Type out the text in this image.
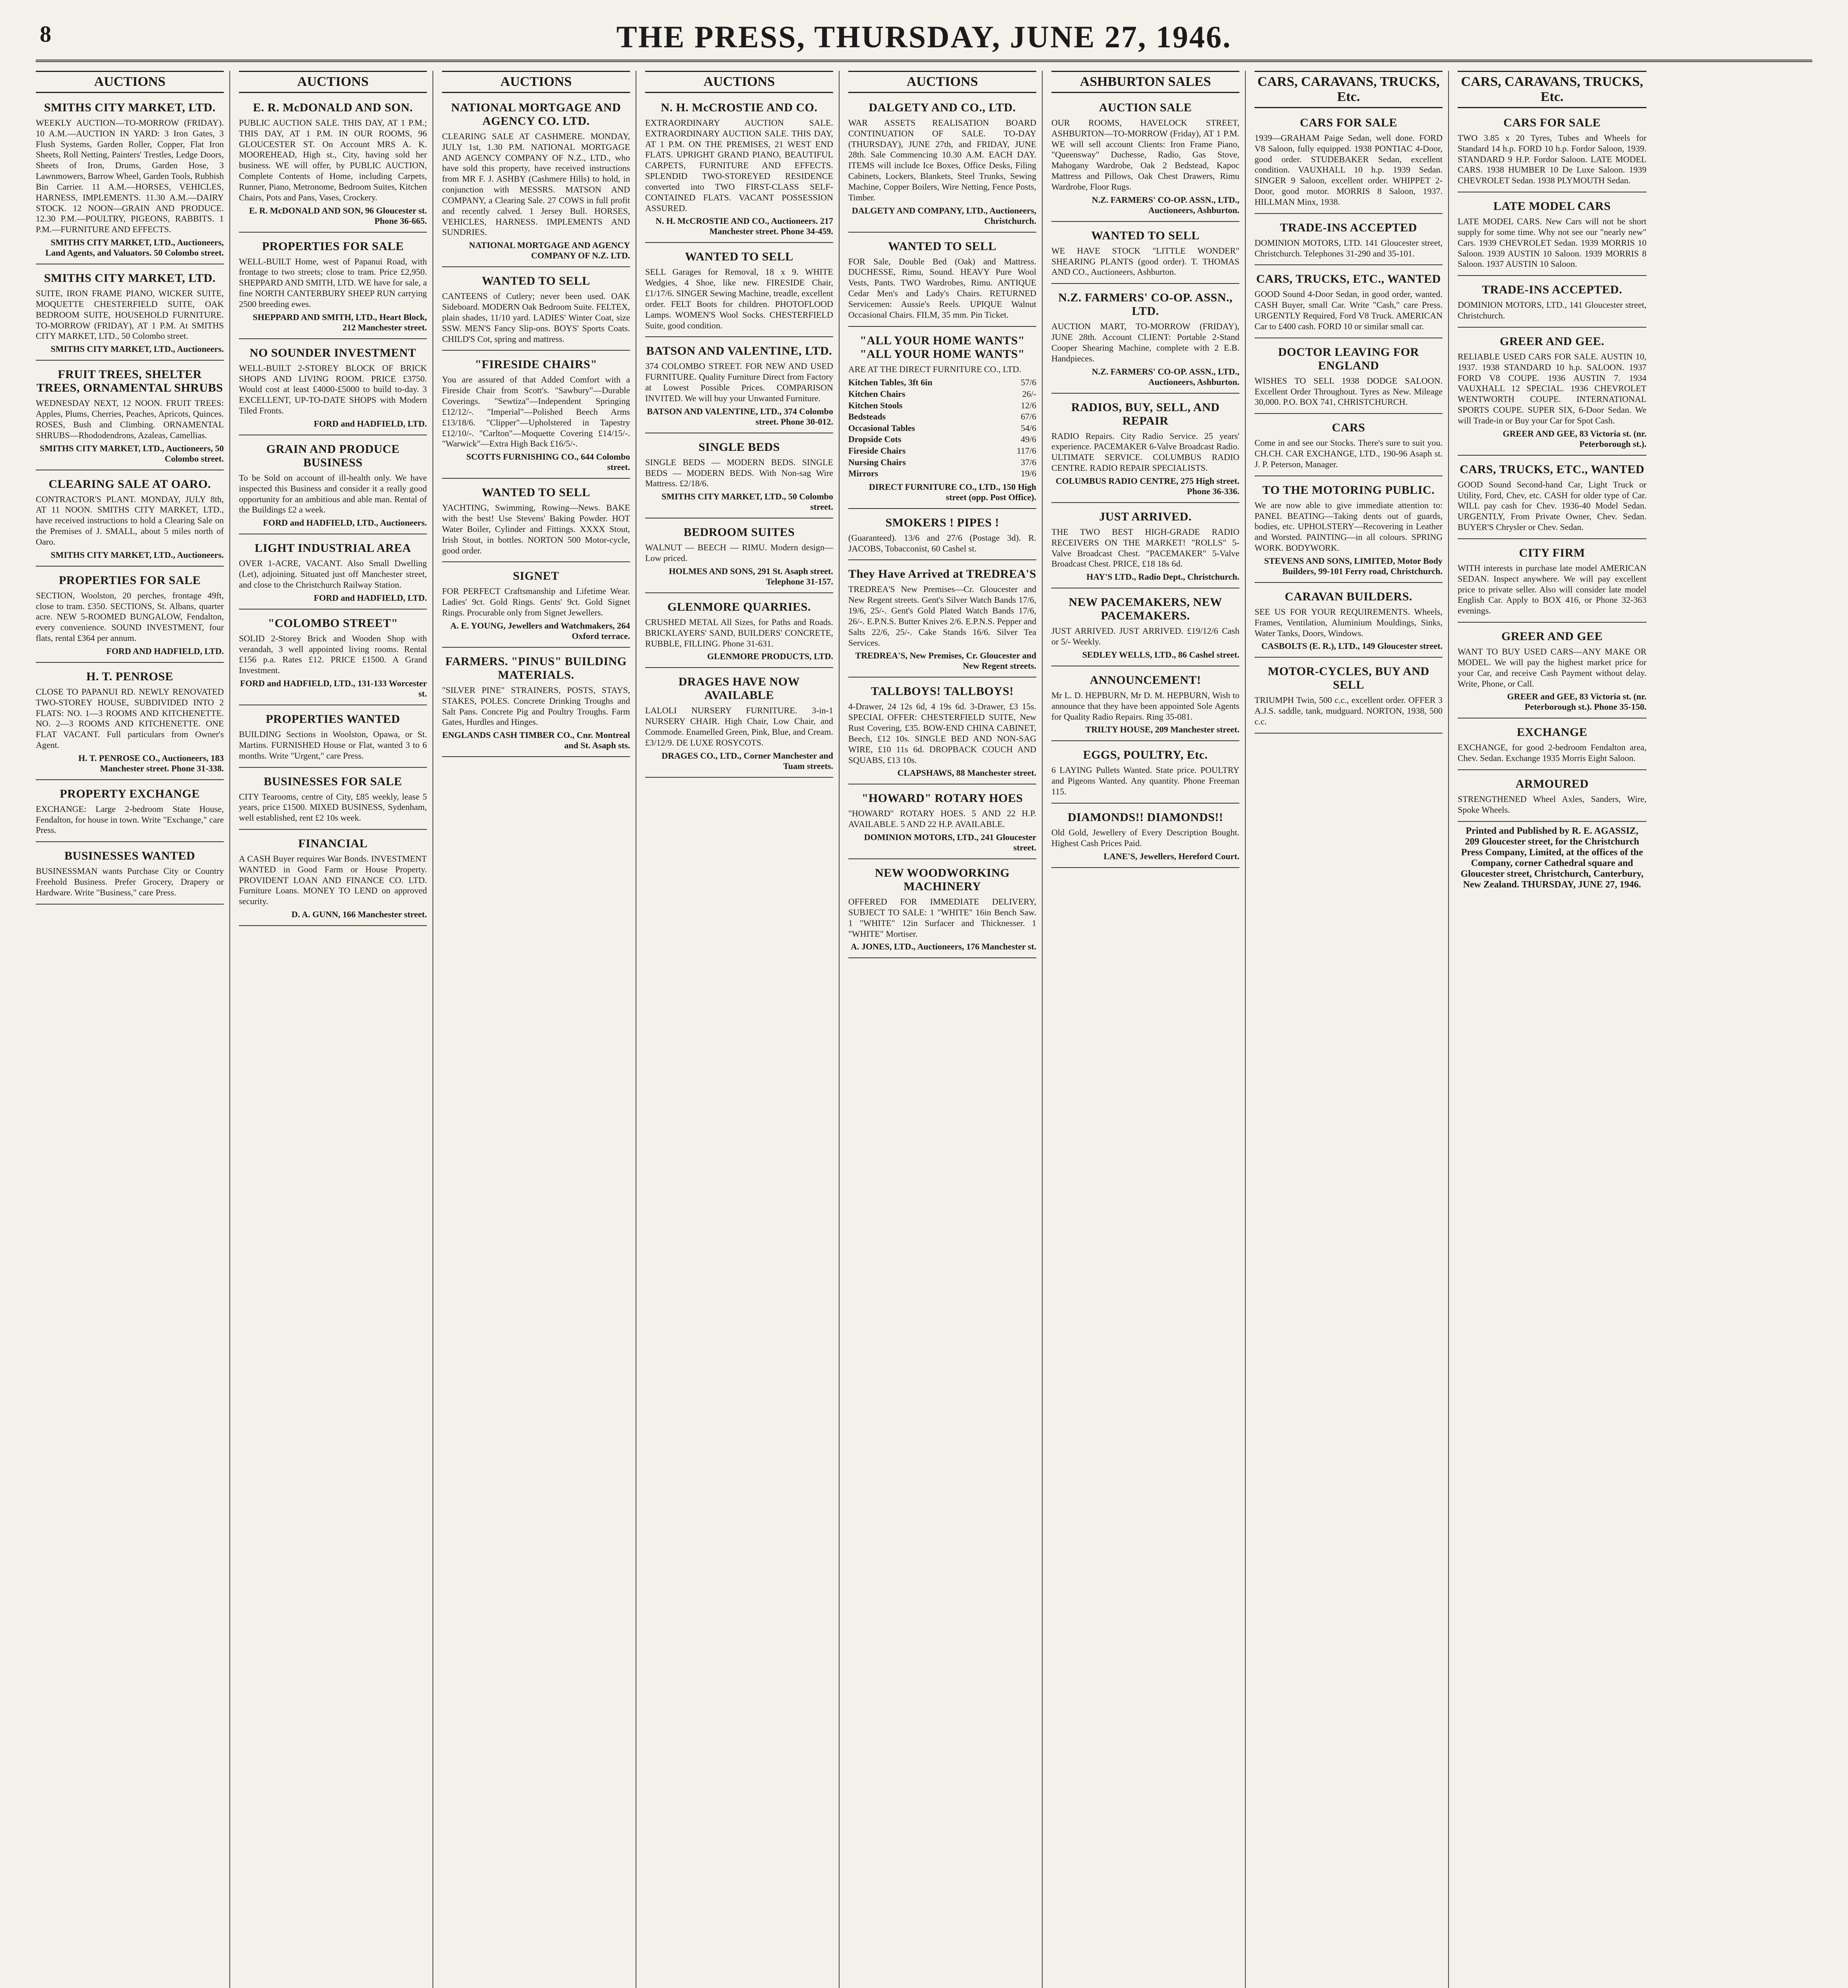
8	THE PRESS, THURSDAY, JUNE 27, 1946.
AUCTIONS
SMITHS CITY MARKET, LTD.
WEEKLY AUCTION—TO-MORROW (FRIDAY). 10 A.M.—AUCTION IN YARD: 3 Iron Gates, 3 Flush Systems, Garden Roller, Copper, Flat Iron Sheets, Roll Netting, Painters' Trestles, Ledge Doors, Sheets of Iron, Drums, Garden Hose, 3 Lawnmowers, Barrow Wheel, Garden Tools, Rubbish Bin Carrier. 11 A.M.—HORSES, VEHICLES, HARNESS, IMPLEMENTS. 11.30 A.M.—DAIRY STOCK. 12 NOON—GRAIN AND PRODUCE. 12.30 P.M.—POULTRY, PIGEONS, RABBITS. 1 P.M.—FURNITURE AND EFFECTS.
SMITHS CITY MARKET, LTD., Auctioneers, Land Agents, and Valuators. 50 Colombo street.
SMITHS CITY MARKET, LTD.
SUITE, IRON FRAME PIANO, WICKER SUITE, MOQUETTE CHESTERFIELD SUITE, OAK BEDROOM SUITE, HOUSEHOLD FURNITURE. TO-MORROW (FRIDAY), AT 1 P.M. At SMITHS CITY MARKET, LTD., 50 Colombo street.
SMITHS CITY MARKET, LTD., Auctioneers.
FRUIT TREES, SHELTER TREES, ORNAMENTAL SHRUBS
WEDNESDAY NEXT, 12 NOON. FRUIT TREES: Apples, Plums, Cherries, Peaches, Apricots, Quinces. ROSES, Bush and Climbing. ORNAMENTAL SHRUBS—Rhododendrons, Azaleas, Camellias.
SMITHS CITY MARKET, LTD., Auctioneers, 50 Colombo street.
CLEARING SALE AT OARO.
CONTRACTOR'S PLANT. MONDAY, JULY 8th, AT 11 NOON. SMITHS CITY MARKET, LTD., have received instructions to hold a Clearing Sale on the Premises of J. SMALL, about 5 miles north of Oaro.
SMITHS CITY MARKET, LTD., Auctioneers.
PROPERTIES FOR SALE
SECTION, Woolston, 20 perches, frontage 49ft, close to tram. £350. SECTIONS, St. Albans, quarter acre. NEW 5-ROOMED BUNGALOW, Fendalton, every convenience. SOUND INVESTMENT, four flats, rental £364 per annum.
FORD AND HADFIELD, LTD.
H. T. PENROSE
CLOSE TO PAPANUI RD. NEWLY RENOVATED TWO-STOREY HOUSE, SUBDIVIDED INTO 2 FLATS: NO. 1—3 ROOMS AND KITCHENETTE. NO. 2—3 ROOMS AND KITCHENETTE. ONE FLAT VACANT. Full particulars from Owner's Agent.
H. T. PENROSE CO., Auctioneers, 183 Manchester street. Phone 31-338.
PROPERTY EXCHANGE
EXCHANGE: Large 2-bedroom State House, Fendalton, for house in town. Write "Exchange," care Press.
BUSINESSES WANTED
BUSINESSMAN wants Purchase City or Country Freehold Business. Prefer Grocery, Drapery or Hardware. Write "Business," care Press.
AUCTIONS
E. R. McDONALD AND SON.
PUBLIC AUCTION SALE. THIS DAY, AT 1 P.M.; THIS DAY, AT 1 P.M. IN OUR ROOMS, 96 GLOUCESTER ST. On Account MRS A. K. MOOREHEAD, High st., City, having sold her business. WE will offer, by PUBLIC AUCTION, Complete Contents of Home, including Carpets, Runner, Piano, Metronome, Bedroom Suites, Kitchen Chairs, Pots and Pans, Vases, Crockery.
E. R. McDONALD AND SON, 96 Gloucester st. Phone 36-665.
PROPERTIES FOR SALE
WELL-BUILT Home, west of Papanui Road, with frontage to two streets; close to tram. Price £2,950. SHEPPARD AND SMITH, LTD. WE have for sale, a fine NORTH CANTERBURY SHEEP RUN carrying 2500 breeding ewes.
SHEPPARD AND SMITH, LTD., Heart Block, 212 Manchester street.
NO SOUNDER INVESTMENT
WELL-BUILT 2-STOREY BLOCK OF BRICK SHOPS AND LIVING ROOM. PRICE £3750. Would cost at least £4000-£5000 to build to-day. 3 EXCELLENT, UP-TO-DATE SHOPS with Modern Tiled Fronts.
FORD and HADFIELD, LTD.
GRAIN AND PRODUCE BUSINESS
To be Sold on account of ill-health only. We have inspected this Business and consider it a really good opportunity for an ambitious and able man. Rental of the Buildings £2 a week.
FORD and HADFIELD, LTD., Auctioneers.
LIGHT INDUSTRIAL AREA
OVER 1-ACRE, VACANT. Also Small Dwelling (Let), adjoining. Situated just off Manchester street, and close to the Christchurch Railway Station.
FORD and HADFIELD, LTD.
"COLOMBO STREET"
SOLID 2-Storey Brick and Wooden Shop with verandah, 3 well appointed living rooms. Rental £156 p.a. Rates £12. PRICE £1500. A Grand Investment.
FORD and HADFIELD, LTD., 131-133 Worcester st.
PROPERTIES WANTED
BUILDING Sections in Woolston, Opawa, or St. Martins. FURNISHED House or Flat, wanted 3 to 6 months. Write "Urgent," care Press.
BUSINESSES FOR SALE
CITY Tearooms, centre of City, £85 weekly, lease 5 years, price £1500. MIXED BUSINESS, Sydenham, well established, rent £2 10s week.
FINANCIAL
A CASH Buyer requires War Bonds. INVESTMENT WANTED in Good Farm or House Property. PROVIDENT LOAN AND FINANCE CO. LTD. Furniture Loans. MONEY TO LEND on approved security.
D. A. GUNN, 166 Manchester street.
AUCTIONS
NATIONAL MORTGAGE AND AGENCY CO. LTD.
CLEARING SALE AT CASHMERE. MONDAY, JULY 1st, 1.30 P.M. NATIONAL MORTGAGE AND AGENCY COMPANY OF N.Z., LTD., who have sold this property, have received instructions from MR F. J. ASHBY (Cashmere Hills) to hold, in conjunction with MESSRS. MATSON AND COMPANY, a Clearing Sale. 27 COWS in full profit and recently calved. 1 Jersey Bull. HORSES, VEHICLES, HARNESS. IMPLEMENTS AND SUNDRIES.
NATIONAL MORTGAGE AND AGENCY COMPANY OF N.Z. LTD.
WANTED TO SELL
CANTEENS of Cutlery; never been used. OAK Sideboard. MODERN Oak Bedroom Suite. FELTEX, plain shades, 11/10 yard. LADIES' Winter Coat, size SSW. MEN'S Fancy Slip-ons. BOYS' Sports Coats. CHILD'S Cot, spring and mattress.
"FIRESIDE CHAIRS"
You are assured of that Added Comfort with a Fireside Chair from Scott's. "Sawbury"—Durable Coverings. "Sewtiza"—Independent Springing £12/12/-. "Imperial"—Polished Beech Arms £13/18/6. "Clipper"—Upholstered in Tapestry £12/10/-. "Carlton"—Moquette Covering £14/15/-. "Warwick"—Extra High Back £16/5/-.
SCOTTS FURNISHING CO., 644 Colombo street.
WANTED TO SELL
YACHTING, Swimming, Rowing—News. BAKE with the best! Use Stevens' Baking Powder. HOT Water Boiler, Cylinder and Fittings. XXXX Stout, Irish Stout, in bottles. NORTON 500 Motor-cycle, good order.
SIGNET
FOR PERFECT Craftsmanship and Lifetime Wear. Ladies' 9ct. Gold Rings. Gents' 9ct. Gold Signet Rings. Procurable only from Signet Jewellers.
A. E. YOUNG, Jewellers and Watchmakers, 264 Oxford terrace.
FARMERS. "PINUS" BUILDING MATERIALS.
"SILVER PINE" STRAINERS, POSTS, STAYS, STAKES, POLES. Concrete Drinking Troughs and Salt Pans. Concrete Pig and Poultry Troughs. Farm Gates, Hurdles and Hinges.
ENGLANDS CASH TIMBER CO., Cnr. Montreal and St. Asaph sts.
AUCTIONS
N. H. McCROSTIE AND CO.
EXTRAORDINARY AUCTION SALE. EXTRAORDINARY AUCTION SALE. THIS DAY, AT 1 P.M. ON THE PREMISES, 21 WEST END FLATS. UPRIGHT GRAND PIANO, BEAUTIFUL CARPETS, FURNITURE AND EFFECTS. SPLENDID TWO-STOREYED RESIDENCE converted into TWO FIRST-CLASS SELF-CONTAINED FLATS. VACANT POSSESSION ASSURED.
N. H. McCROSTIE AND CO., Auctioneers. 217 Manchester street. Phone 34-459.
WANTED TO SELL
SELL Garages for Removal, 18 x 9. WHITE Wedgies, 4 Shoe, like new. FIRESIDE Chair, £1/17/6. SINGER Sewing Machine, treadle, excellent order. FELT Boots for children. PHOTOFLOOD Lamps. WOMEN'S Wool Socks. CHESTERFIELD Suite, good condition.
BATSON AND VALENTINE, LTD.
374 COLOMBO STREET. FOR NEW AND USED FURNITURE. Quality Furniture Direct from Factory at Lowest Possible Prices. COMPARISON INVITED. We will buy your Unwanted Furniture.
BATSON AND VALENTINE, LTD., 374 Colombo street. Phone 30-012.
SINGLE BEDS
SINGLE BEDS — MODERN BEDS. SINGLE BEDS — MODERN BEDS. With Non-sag Wire Mattress. £2/18/6.
SMITHS CITY MARKET, LTD., 50 Colombo street.
BEDROOM SUITES
WALNUT — BEECH — RIMU. Modern design—Low priced.
HOLMES AND SONS, 291 St. Asaph street. Telephone 31-157.
GLENMORE QUARRIES.
CRUSHED METAL All Sizes, for Paths and Roads. BRICKLAYERS' SAND, BUILDERS' CONCRETE, RUBBLE, FILLING. Phone 31-631.
GLENMORE PRODUCTS, LTD.
DRAGES HAVE NOW AVAILABLE
LALOLI NURSERY FURNITURE. 3-in-1 NURSERY CHAIR. High Chair, Low Chair, and Commode. Enamelled Green, Pink, Blue, and Cream. £3/12/9. DE LUXE ROSYCOTS.
DRAGES CO., LTD., Corner Manchester and Tuam streets.
AUCTIONS
DALGETY AND CO., LTD.
WAR ASSETS REALISATION BOARD CONTINUATION OF SALE. TO-DAY (THURSDAY), JUNE 27th, and FRIDAY, JUNE 28th. Sale Commencing 10.30 A.M. EACH DAY. ITEMS will include Ice Boxes, Office Desks, Filing Cabinets, Lockers, Blankets, Steel Trunks, Sewing Machine, Copper Boilers, Wire Netting, Fence Posts, Timber.
DALGETY AND COMPANY, LTD., Auctioneers, Christchurch.
WANTED TO SELL
FOR Sale, Double Bed (Oak) and Mattress. DUCHESSE, Rimu, Sound. HEAVY Pure Wool Vests, Pants. TWO Wardrobes, Rimu. ANTIQUE Cedar Men's and Lady's Chairs. RETURNED Servicemen: Aussie's Reels. UPIQUE Walnut Occasional Chairs. FILM, 35 mm. Pin Ticket.
"ALL YOUR HOME WANTS" "ALL YOUR HOME WANTS"
ARE AT THE DIRECT FURNITURE CO., LTD.
Kitchen Tables, 3ft 6in	57/6
Kitchen Chairs	26/-
Kitchen Stools	12/6
Bedsteads	67/6
Occasional Tables	54/6
Dropside Cots	49/6
Fireside Chairs	117/6
Nursing Chairs	37/6
Mirrors	19/6
DIRECT FURNITURE CO., LTD., 150 High street (opp. Post Office).
SMOKERS ! PIPES !
(Guaranteed). 13/6 and 27/6 (Postage 3d). R. JACOBS, Tobacconist, 60 Cashel st.
They Have Arrived at TREDREA'S
TREDREA'S New Premises—Cr. Gloucester and New Regent streets. Gent's Silver Watch Bands 17/6, 19/6, 25/-. Gent's Gold Plated Watch Bands 17/6, 26/-. E.P.N.S. Butter Knives 2/6. E.P.N.S. Pepper and Salts 22/6, 25/-. Cake Stands 16/6. Silver Tea Services.
TREDREA'S, New Premises, Cr. Gloucester and New Regent streets.
TALLBOYS! TALLBOYS!
4-Drawer, 24 12s 6d, 4 19s 6d. 3-Drawer, £3 15s. SPECIAL OFFER: CHESTERFIELD SUITE, New Rust Covering, £35. BOW-END CHINA CABINET, Beech, £12 10s. SINGLE BED AND NON-SAG WIRE, £10 11s 6d. DROPBACK COUCH AND SQUABS, £13 10s.
CLAPSHAWS, 88 Manchester street.
"HOWARD" ROTARY HOES
"HOWARD" ROTARY HOES. 5 AND 22 H.P. AVAILABLE. 5 AND 22 H.P. AVAILABLE.
DOMINION MOTORS, LTD., 241 Gloucester street.
NEW WOODWORKING MACHINERY
OFFERED FOR IMMEDIATE DELIVERY, SUBJECT TO SALE: 1 "WHITE" 16in Bench Saw. 1 "WHITE" 12in Surfacer and Thicknesser. 1 "WHITE" Mortiser.
A. JONES, LTD., Auctioneers, 176 Manchester st.
ASHBURTON SALES
AUCTION SALE
OUR ROOMS, HAVELOCK STREET, ASHBURTON—TO-MORROW (Friday), AT 1 P.M. WE will sell account Clients: Iron Frame Piano, "Queensway" Duchesse, Radio, Gas Stove, Mahogany Wardrobe, Oak 2 Bedstead, Kapoc Mattress and Pillows, Oak Chest Drawers, Rimu Wardrobe, Floor Rugs.
N.Z. FARMERS' CO-OP. ASSN., LTD., Auctioneers, Ashburton.
WANTED TO SELL
WE HAVE STOCK "LITTLE WONDER" SHEARING PLANTS (good order). T. THOMAS AND CO., Auctioneers, Ashburton.
N.Z. FARMERS' CO-OP. ASSN., LTD.
AUCTION MART, TO-MORROW (FRIDAY), JUNE 28th. Account CLIENT: Portable 2-Stand Cooper Shearing Machine, complete with 2 E.B. Handpieces.
N.Z. FARMERS' CO-OP. ASSN., LTD., Auctioneers, Ashburton.
RADIOS, BUY, SELL, AND REPAIR
RADIO Repairs. City Radio Service. 25 years' experience. PACEMAKER 6-Valve Broadcast Radio. ULTIMATE SERVICE. COLUMBUS RADIO CENTRE. RADIO REPAIR SPECIALISTS.
COLUMBUS RADIO CENTRE, 275 High street. Phone 36-336.
JUST ARRIVED.
THE TWO BEST HIGH-GRADE RADIO RECEIVERS ON THE MARKET! "ROLLS" 5-Valve Broadcast Chest. "PACEMAKER" 5-Valve Broadcast Chest. PRICE, £18 18s 6d.
HAY'S LTD., Radio Dept., Christchurch.
NEW PACEMAKERS, NEW PACEMAKERS.
JUST ARRIVED. JUST ARRIVED. £19/12/6 Cash or 5/- Weekly.
SEDLEY WELLS, LTD., 86 Cashel street.
ANNOUNCEMENT!
Mr L. D. HEPBURN, Mr D. M. HEPBURN, Wish to announce that they have been appointed Sole Agents for Quality Radio Repairs. Ring 35-081.
TRILTY HOUSE, 209 Manchester street.
EGGS, POULTRY, Etc.
6 LAYING Pullets Wanted. State price. POULTRY and Pigeons Wanted. Any quantity. Phone Freeman 115.
DIAMONDS!! DIAMONDS!!
Old Gold, Jewellery of Every Description Bought. Highest Cash Prices Paid.
LANE'S, Jewellers, Hereford Court.
CARS, CARAVANS, TRUCKS, Etc.
CARS FOR SALE
1939—GRAHAM Paige Sedan, well done. FORD V8 Saloon, fully equipped. 1938 PONTIAC 4-Door, good order. STUDEBAKER Sedan, excellent condition. VAUXHALL 10 h.p. 1939 Sedan. SINGER 9 Saloon, excellent order. WHIPPET 2-Door, good motor. MORRIS 8 Saloon, 1937. HILLMAN Minx, 1938.
TRADE-INS ACCEPTED
DOMINION MOTORS, LTD. 141 Gloucester street, Christchurch. Telephones 31-290 and 35-101.
CARS, TRUCKS, ETC., WANTED
GOOD Sound 4-Door Sedan, in good order, wanted. CASH Buyer, small Car. Write "Cash," care Press. URGENTLY Required, Ford V8 Truck. AMERICAN Car to £400 cash. FORD 10 or similar small car.
DOCTOR LEAVING FOR ENGLAND
WISHES TO SELL 1938 DODGE SALOON. Excellent Order Throughout. Tyres as New. Mileage 30,000. P.O. BOX 741, CHRISTCHURCH.
CARS
Come in and see our Stocks. There's sure to suit you. CH.CH. CAR EXCHANGE, LTD., 190-96 Asaph st. J. P. Peterson, Manager.
TO THE MOTORING PUBLIC.
We are now able to give immediate attention to: PANEL BEATING—Taking dents out of guards, bodies, etc. UPHOLSTERY—Recovering in Leather and Worsted. PAINTING—in all colours. SPRING WORK. BODYWORK.
STEVENS AND SONS, LIMITED, Motor Body Builders, 99-101 Ferry road, Christchurch.
CARAVAN BUILDERS.
SEE US FOR YOUR REQUIREMENTS. Wheels, Frames, Ventilation, Aluminium Mouldings, Sinks, Water Tanks, Doors, Windows.
CASBOLTS (E. R.), LTD., 149 Gloucester street.
MOTOR-CYCLES, BUY AND SELL
TRIUMPH Twin, 500 c.c., excellent order. OFFER 3 A.J.S. saddle, tank, mudguard. NORTON, 1938, 500 c.c.
CARS, CARAVANS, TRUCKS, Etc.
CARS FOR SALE
TWO 3.85 x 20 Tyres, Tubes and Wheels for Standard 14 h.p. FORD 10 h.p. Fordor Saloon, 1939. STANDARD 9 H.P. Fordor Saloon. LATE MODEL CARS. 1938 HUMBER 10 De Luxe Saloon. 1939 CHEVROLET Sedan. 1938 PLYMOUTH Sedan.
LATE MODEL CARS
LATE MODEL CARS. New Cars will not be short supply for some time. Why not see our "nearly new" Cars. 1939 CHEVROLET Sedan. 1939 MORRIS 10 Saloon. 1939 AUSTIN 10 Saloon. 1939 MORRIS 8 Saloon. 1937 AUSTIN 10 Saloon.
TRADE-INS ACCEPTED.
DOMINION MOTORS, LTD., 141 Gloucester street, Christchurch.
GREER AND GEE.
RELIABLE USED CARS FOR SALE. AUSTIN 10, 1937. 1938 STANDARD 10 h.p. SALOON. 1937 FORD V8 COUPE. 1936 AUSTIN 7. 1934 VAUXHALL 12 SPECIAL. 1936 CHEVROLET WENTWORTH COUPE. INTERNATIONAL SPORTS COUPE. SUPER SIX, 6-Door Sedan. We will Trade-in or Buy your Car for Spot Cash.
GREER AND GEE, 83 Victoria st. (nr. Peterborough st.).
CARS, TRUCKS, ETC., WANTED
GOOD Sound Second-hand Car, Light Truck or Utility, Ford, Chev, etc. CASH for older type of Car. WILL pay cash for Chev. 1936-40 Model Sedan. URGENTLY, From Private Owner, Chev. Sedan. BUYER'S Chrysler or Chev. Sedan.
CITY FIRM
WITH interests in purchase late model AMERICAN SEDAN. Inspect anywhere. We will pay excellent price to private seller. Also will consider late model English Car. Apply to BOX 416, or Phone 32-363 evenings.
GREER AND GEE
WANT TO BUY USED CARS—ANY MAKE OR MODEL. We will pay the highest market price for your Car, and receive Cash Payment without delay. Write, Phone, or Call.
GREER and GEE, 83 Victoria st. (nr. Peterborough st.). Phone 35-150.
EXCHANGE
EXCHANGE, for good 2-bedroom Fendalton area, Chev. Sedan. Exchange 1935 Morris Eight Saloon.
ARMOURED
STRENGTHENED Wheel Axles, Sanders, Wire, Spoke Wheels.
Printed and Published by R. E. AGASSIZ, 209 Gloucester street, for the Christchurch Press Company, Limited, at the offices of the Company, corner Cathedral square and Gloucester street, Christchurch, Canterbury, New Zealand. THURSDAY, JUNE 27, 1946.
